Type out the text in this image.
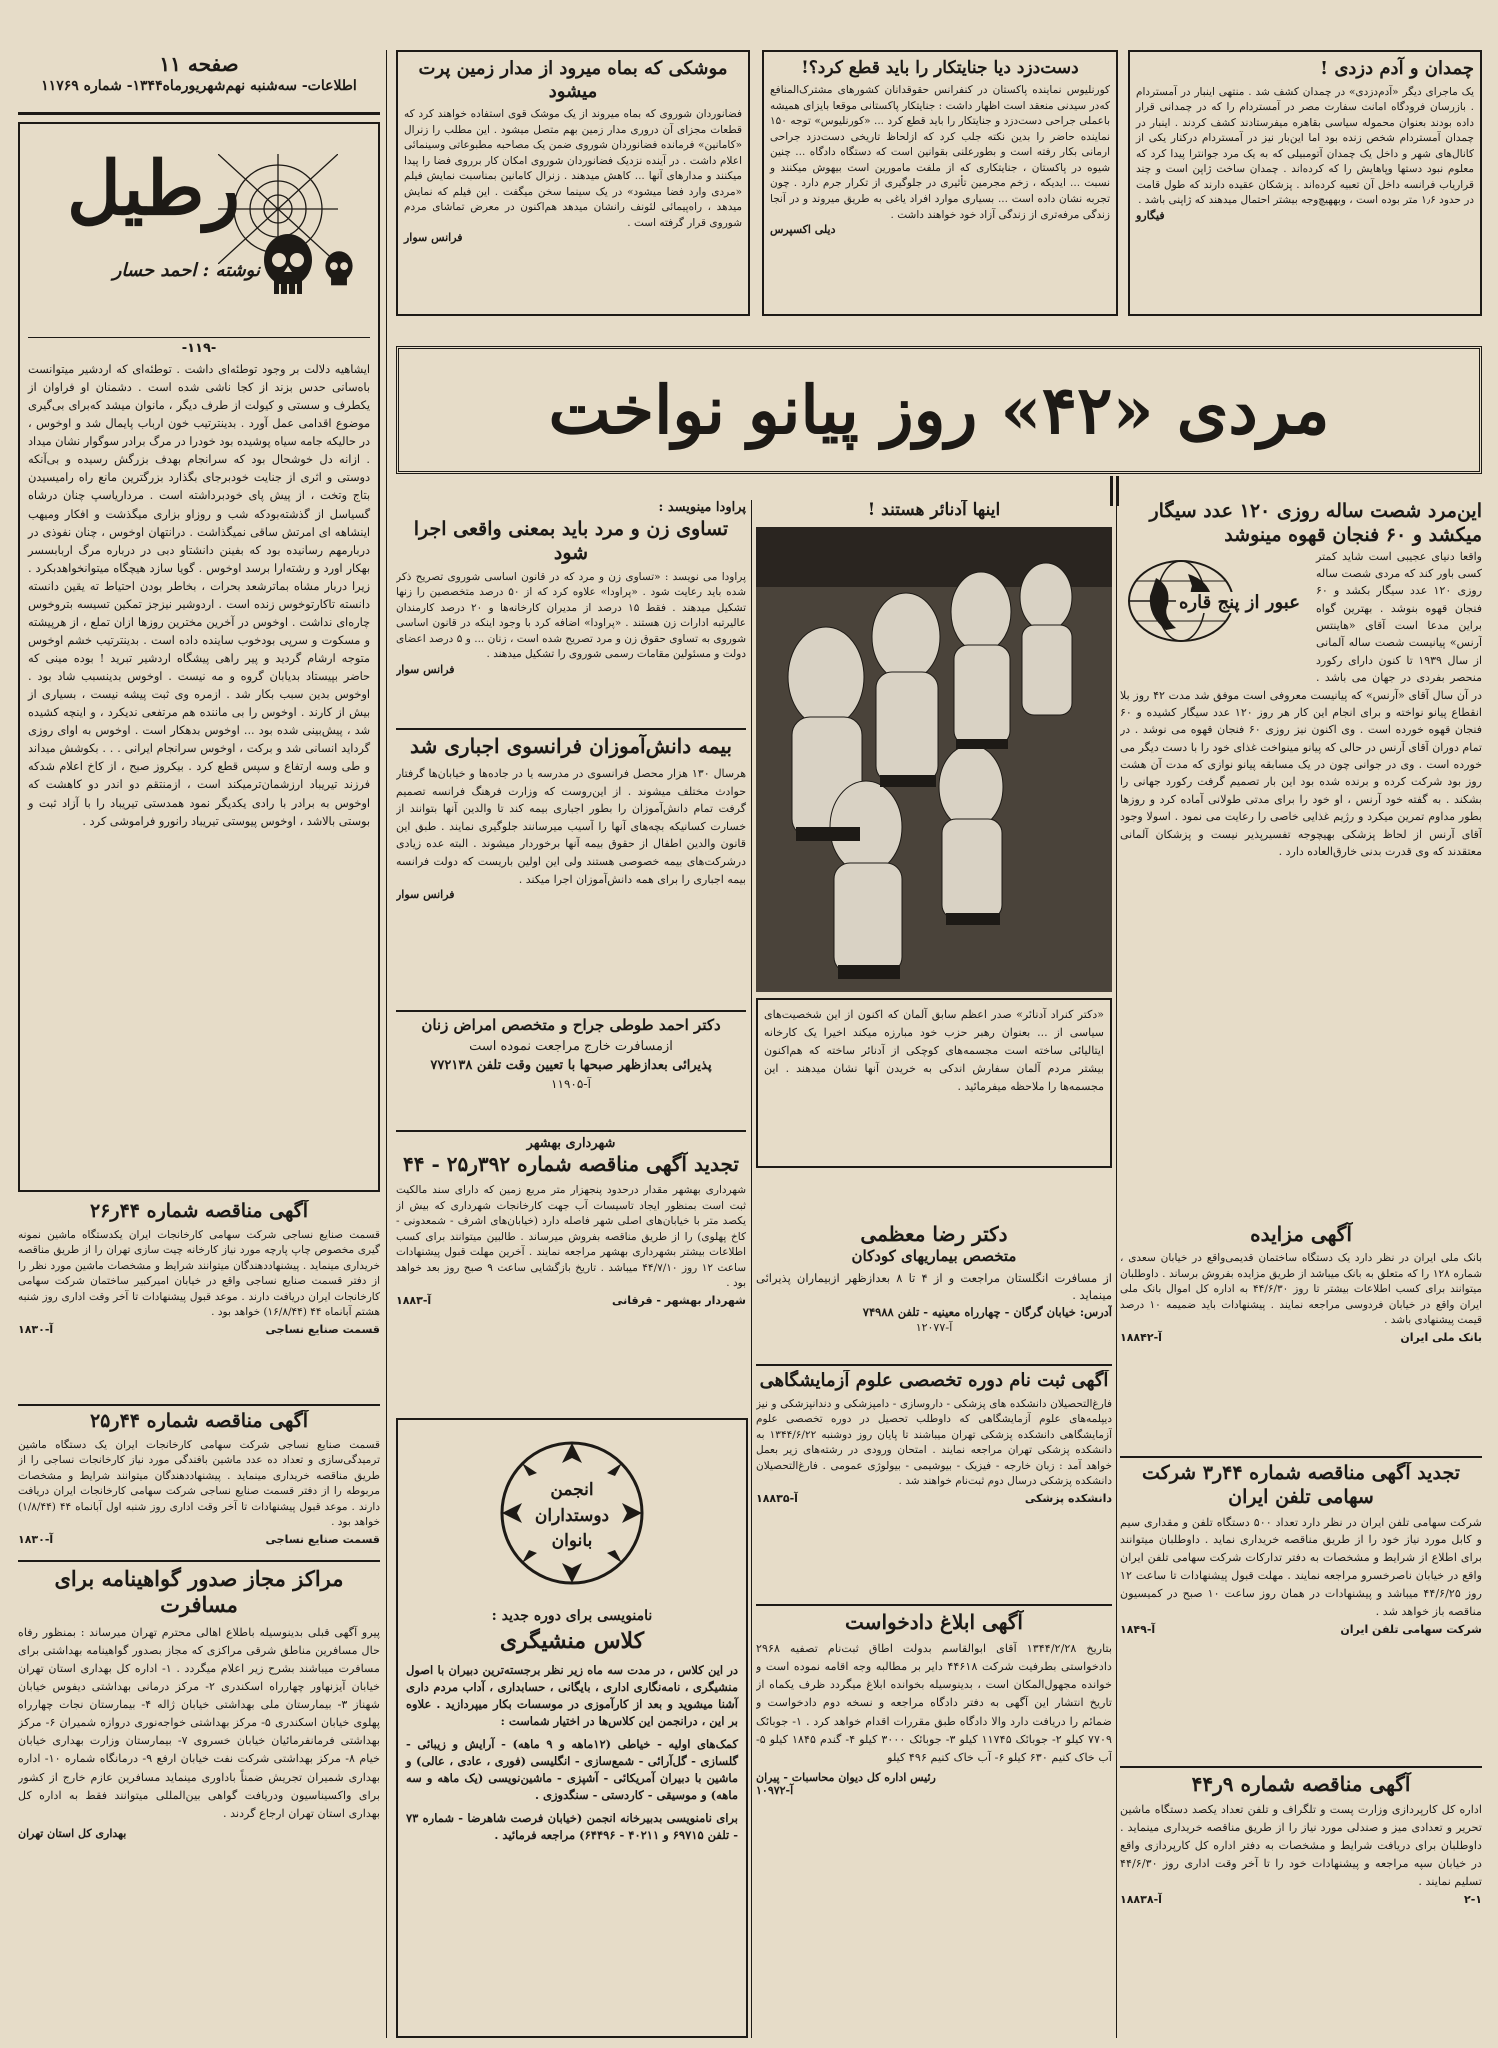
صفحه ۱۱
اطلاعات- سه‌شنبه نهم‌شهریورماه۱۳۴۴- شماره ۱۱۷۶۹
رطیل
نوشته : احمد حسار
-۱۱۹-
ایشاهیه دلالت بر وجود توطئه‌ای داشت . توطئه‌ای که اردشیر میتوانست باه‌سانی حدس بزند از کجا ناشی شده است . دشمنان او فراوان از یکطرف و سستی و کیولت از طرف دیگر ، مانوان میشد که‌برای بی‌گیری موضوع اقدامی عمل آورد . بدینترتیب خون ارباب پایمال شد و اوخوس ، در حالیکه جامه سیاه پوشیده بود خودرا در مرگ برادر سوگوار نشان میداد . ازانه دل خوشحال بود که سرانجام بهدف بزرگش رسیده و بی‌آنکه دوستی و اثری از جنایت خودبرجای بگذارد بزرگترین مانع راه رامیسیدن بتاج وتخت ، از پیش پای خودبرداشته است . مرداریاسپ چنان درشاه گسیاسل از گذشته‌بودکه شب و روزاو بزاری میگذشت و افکار ومیهب اینشاهه ای امرتش ساقی نمیگذاشت . درانتهان اوخوس ، چنان نفوذی در دربارمهم رسانیده بود که بفینن دانشتاو دبی در درباره مرگ اربابسسر بهکار اورد و رشته‌ارا برسد اوخوس . گویا سازد هیچگاه میتوانخواهدبکرد . زیرا دربار مشاه بماترشعد بحرات ، بخاطر بودن احتیاط ته یقین دانسته دانسته تاکارتوخوس زنده است . اردوشیر نیزجز تمکین تسیسه بتروخوس چاره‌ای نداشت . اوخوس در آخرین مخترین روزها ازان تملع ، از هرپیشته و مسکوت و سرپی بودخوب ساینده داده است . بدینترتیب خشم اوخوس متوجه ارشام گردید و پیر راهی پیشگاه اردشیر تبرید ! بوده مینی که حاضر بپیستاد بدیابان گروه و مه نیست . اوخوس بدینسبب شاد بود . اوخوس بدین سبب بکار شد . ازمره وی ثبت پیشه نیست ، بسیاری از بیش از کارند . اوخوس را بی ماننده هم مرتفعی ندیکرد ، و اینچه کشیده شد ، پیش‌بینی شده بود ... اوخوس بدهکار است . اوخوس به اوای روزی گرداید انسانی شد و برکت ، اوخوس سرانجام ایرانی . . . بکوشش میداند و طی وسه ارتفاع و سپس قطع کرد . بیکروز صبح ، از کاخ اعلام شدکه فرزند تیریباد ارزشمان‌ترمیکند است ، ازمنتقم دو اندر دو کاهشت که اوخوس به برادر با رادی یکدیگر نمود همدستی تیریباد را با آزاد ثبت و بوستی بالاشد ، اوخوس پیوستی تیریباد رانورو فراموشی کرد .
آگهی مناقصه شماره ۴۴ر۲۶
قسمت صنایع نساجی شرکت سهامی کارخانجات ایران یکدستگاه ماشین نمونه گیری مخصوص چاپ پارچه مورد نیاز کارخانه چیت سازی تهران را از طریق مناقصه خریداری مینماید . پیشنهاددهندگان میتوانند شرایط و مشخصات ماشین مورد نظر را از دفتر قسمت صنایع نساجی واقع در خیابان امیرکبیر ساختمان شرکت سهامی کارخانجات ایران دریافت دارند . موعد قبول پیشنهادات تا آخر وقت اداری روز شنبه هشتم آبانماه ۴۴ (۱۶/۸/۴۴) خواهد بود .
قسمت صنایع نساجی
آ-۱۸۳۰
آگهی مناقصه شماره ۴۴ر۲۵
قسمت صنایع نساجی شرکت سهامی کارخانجات ایران یک دستگاه ماشین ترمیدگی‌سازی و تعداد ده عدد ماشین بافندگی مورد نیاز کارخانجات نساجی را از طریق مناقصه خریداری مینماید . پیشنهاددهندگان میتوانند شرایط و مشخصات مربوطه را از دفتر قسمت صنایع نساجی شرکت سهامی کارخانجات ایران دریافت دارند . موعد قبول پیشنهادات تا آخر وقت اداری روز شنبه اول آبانماه ۴۴ (۱/۸/۴۴) خواهد بود .
قسمت صنایع نساجی
آ-۱۸۳۰
مراکز مجاز صدور گواهینامه برای مسافرت
پیرو آگهی قبلی بدینوسیله باطلاع اهالی محترم تهران میرساند : بمنظور رفاه حال مسافرین مناطق شرقی مراکزی که مجاز بصدور گواهینامه بهداشتی برای مسافرت میباشند بشرح زیر اعلام میگردد . ۱- اداره کل بهداری استان تهران خیابان آیزنهاور چهارراه اسکندری ۲- مرکز درمانی بهداشتی دیفوس خیابان شهناز ۳- بیمارستان ملی بهداشتی خیابان ژاله ۴- بیمارستان نجات چهارراه پهلوی خیابان اسکندری ۵- مرکز بهداشتی خواجه‌نوری دروازه شمیران ۶- مرکز بهداشتی فرمانفرمائیان خیابان خسروی ۷- بیمارستان وزارت بهداری خیابان خیام ۸- مرکز بهداشتی شرکت نفت خیابان ارفع ۹- درمانگاه شماره ۱۰- اداره بهداری شمیران تجریش ضمناً باداوری مینماید مسافرین عازم خارج از کشور برای واکسیناسیون ودریافت گواهی بین‌المللی میتوانند فقط به اداره کل بهداری استان تهران ارجاع گردند .
بهداری کل استان تهران
موشکی که بماه میرود از مدار زمین پرت میشود
فضانوردان شوروی که بماه میروند از یک موشک قوی استفاده خواهند کرد که قطعات مجزای آن دروری مدار زمین بهم متصل میشود . این مطلب را زنرال «کامانین» فرمانده فضانوردان شوروی ضمن یک مصاحبه مطبوعاتی وسینمائی اعلام داشت . در آینده نزدیک فضانوردان شوروی امکان کار برروی فضا را پیدا میکنند و مدارهای آنها ... کاهش میدهند . زنرال کامانین بمناسبت نمایش فیلم «مردی وارد فضا میشود» در یک سینما سخن میگفت . این فیلم که نمایش میدهد ، راه‌پیمائی لئونف رانشان میدهد هم‌اکنون در معرض تماشای مردم شوروی قرار گرفته است .
فرانس سوار
دست‌دزد دیا جنایتکار را باید قطع کرد؟!
کورنلیوس نماینده پاکستان در کنفرانس حقوقدانان کشورهای مشترک‌المنافع که‌در سیدنی منعقد است اظهار داشت : جنایتکار پاکستانی موقعا بایزای همیشه باعملی جراحی دست‌دزد و جنایتکار را باید قطع کرد ... «کورنلیوس» توجه ۱۵۰ نماینده حاضر را بدین نکته جلب کرد که ازلحاظ تاریخی دست‌دزد جراحی ارمانی بکار رفته است و بطورعلنی بقوانین است که دستگاه دادگاه ... چنین شیوه در پاکستان ، جنایتکاری که از ملفت مامورین است بیهوش میکنند و نسبت ... ایدیکه ، زخم مجرمین تأثیری در جلوگیری از تکرار جرم دارد . چون تجربه نشان داده است ... بسیاری موارد افراد یاغی به طریق میروند و در آنجا زندگی مرفه‌تری از زندگی آزاد خود خواهند داشت .
دیلی اکسپرس
چمدان و آدم دزدی !
یک ماجرای دیگر «آدم‌دزدی» در چمدان کشف شد . منتهی اینبار در آمستردام . بازرسان فرودگاه امانت سفارت مصر در آمستردام را که در چمدانی قرار داده بودند بعنوان محموله سیاسی بقاهره میفرستادند کشف کردند . اینبار در چمدان آمستردام شخص زنده بود اما این‌بار نیز در آمستردام درکنار یکی از کانال‌های شهر و داخل یک چمدان آتومبیلی که به یک مرد جوانترا پیدا کرد که معلوم نبود دستها وپاهایش را که کرده‌اند . چمدان ساخت ژاپن است و چند قراریاب فرانسه داخل آن تعبیه کرده‌اند . پزشکان عقیده دارند که طول قامت در حدود ۱٫۶ متر بوده است ، وبههیچ‌وجه بیشتر احتمال میدهند که ژاپنی باشد .
فیگارو
مردی «۴۲» روز پیانو نواخت
این‌مرد شصت ساله روزی ۱۲۰ عدد سیگار میکشد و ۶۰ فنجان قهوه مینوشد
عبور از پنج قاره
واقعا دنیای عجیبی است شاید کمتر کسی باور کند که مردی شصت ساله روزی ۱۲۰ عدد سیگار بکشد و ۶۰ فنجان قهوه بنوشد . بهترین گواه براین مدعا است آقای «هاینتس آرنس» پیانیست شصت ساله آلمانی از سال ۱۹۳۹ تا کنون دارای رکورد منحصر بفردی در جهان می باشد . در آن سال آقای «آرنس» که پیانیست معروفی است موفق شد مدت ۴۲ روز بلا انقطاع پیانو نواخته و برای انجام این کار هر روز ۱۲۰ عدد سیگار کشیده و ۶۰ فنجان قهوه خورده است . وی اکنون نیز روزی ۶۰ فنجان قهوه می نوشد . در تمام دوران آقای آرنس در حالی که پیانو مینواخت غذای خود را با دست دیگر می خورده است . وی در جوانی چون در یک مسابقه پیانو نوازی که مدت آن هشت روز بود شرکت کرده و برنده شده بود این بار تصمیم گرفت رکورد جهانی را بشکند . به گفته خود آرنس ، او خود را برای مدتی طولانی آماده کرد و روزها بطور مداوم تمرین میکرد و رژیم غذایی خاصی را رعایت می نمود . اسولا وجود آقای آرنس از لحاظ پزشکی بهیچوجه تفسیرپذیر نیست و پزشکان آلمانی معتقدند که وی قدرت بدنی خارق‌العاده دارد .
اینها آدنائر هستند !
«دکتر کنراد آدنائر» صدر اعظم سابق آلمان که اکنون از این شخصیت‌های سیاسی از ... بعنوان رهبر حزب خود مبارزه میکند اخیرا یک کارخانه ایتالیائی ساخته است مجسمه‌های کوچکی از آدنائر ساخته که هم‌اکنون بیشتر مردم آلمان سفارش اندکی به خریدن آنها نشان میدهند . این مجسمه‌ها را ملاحظه میفرمائید .
پراودا مینویسد :
تساوی زن و مرد باید بمعنی واقعی اجرا شود
پراودا می نویسد : «تساوی زن و مرد که در قانون اساسی شوروی تصریح ذکر شده باید رعایت شود . «پراودا» علاوه کرد که از ۵۰ درصد متخصصین را زنها تشکیل میدهند . فقط ۱۵ درصد از مدیران کارخانه‌ها و ۲۰ درصد کارمندان عالیرتبه ادارات زن هستند . «پراودا» اضافه کرد با وجود اینکه در قانون اساسی شوروی به تساوی حقوق زن و مرد تصریح شده است ، زنان ... و ۵ درصد اعضای دولت و مسئولین مقامات رسمی شوروی را تشکیل میدهند .
فرانس سوار
بیمه دانش‌آموزان فرانسوی اجباری شد
هرسال ۱۳۰ هزار محصل فرانسوی در مدرسه یا در جاده‌ها و خیابان‌ها گرفتار حوادث مختلف میشوند . از این‌روست که وزارت فرهنگ فرانسه تصمیم گرفت تمام دانش‌آموزان را بطور اجباری بیمه کند تا والدین آنها بتوانند از خسارت کسانیکه بچه‌های آنها را آسیب میرسانند جلوگیری نمایند . طبق این قانون والدین اطفال از حقوق بیمه آنها برخوردار میشوند . البته عده زیادی درشرکت‌های بیمه خصوصی هستند ولی این اولین باریست که دولت فرانسه بیمه اجباری را برای همه دانش‌آموزان اجرا میکند .
فرانس سوار
دکتر احمد طوطی جراح و متخصص امراض زنان
ازمسافرت خارج مراجعت نموده است
پذیرائی بعدازظهر صبحها با تعیین وقت تلفن ۷۷۲۱۳۸
آ-۱۱۹۰۵
شهرداری بهشهر
تجدید آگهی مناقصه شماره ۳۹۲ر۲۵ - ۴۴
شهرداری بهشهر مقدار درحدود پنجهزار متر مربع زمین که دارای سند مالکیت ثبت است بمنظور ایجاد تاسیسات آب جهت کارخانجات شهرداری که بیش از یکصد متر با خیابان‌های اصلی شهر فاصله دارد (خیابان‌های اشرف - شمعدونی - کاخ پهلوی) را از طریق مناقصه بفروش میرساند . طالبین میتوانند برای کسب اطلاعات بیشتر بشهرداری بهشهر مراجعه نمایند . آخرین مهلت قبول پیشنهادات ساعت ۱۲ روز ۴۴/۷/۱۰ میباشد . تاریخ بازگشایی ساعت ۹ صبح روز بعد خواهد بود .
شهردار بهشهر - قرقانی
آ-۱۸۸۳
انجمن دوستداران بانوان
نامنویسی برای دوره جدید :
کلاس منشیگری
در این کلاس ، در مدت سه ماه زیر نظر برجسته‌ترین دبیران با اصول منشیگری ، نامه‌نگاری اداری ، بایگانی ، حسابداری ، آداب مردم داری آشنا میشوید و بعد از کارآموزی در موسسات بکار میپردازید . علاوه بر این ، درانجمن این کلاس‌ها در اختیار شماست :
کمک‌های اولیه - خیاطی (۱۲ماهه و ۹ ماهه) - آرایش و زیبائی - گلسازی - گل‌آرائی - شمع‌سازی - انگلیسی (فوری ، عادی ، عالی) و ماشین با دبیران آمریکائی - آشپزی - ماشین‌نویسی (یک ماهه و سه ماهه) و موسیقی - کاردستی - سنگدوزی .
برای نامنویسی بدبیرخانه انجمن (خیابان فرصت شاهرضا - شماره ۷۳ - تلفن ۶۹۷۱۵ و ۴۰۲۱۱ - ۶۴۴۹۶) مراجعه فرمائید .
دکتر رضا معظمی
متخصص بیماریهای کودکان
از مسافرت انگلستان مراجعت و از ۴ تا ۸ بعدازظهر ازبیماران پذیرائی مینماید .
آدرس: خیابان گرگان - چهارراه معینیه - تلفن ۷۴۹۸۸
آ-۱۲۰۷۷
آگهی ثبت نام دوره تخصصی علوم آزمایشگاهی
فارغ‌التحصیلان دانشکده های پزشکی - داروسازی - دامپزشکی و دندانپزشکی و نیز دیپلمه‌های علوم آزمایشگاهی که داوطلب تحصیل در دوره تخصصی علوم آزمایشگاهی دانشکده پزشکی تهران میباشند تا پایان روز دوشنبه ۱۳۴۴/۶/۲۲ به دانشکده پزشکی تهران مراجعه نمایند . امتحان ورودی در رشته‌های زیر بعمل خواهد آمد : زبان خارجه - فیزیک - بیوشیمی - بیولوژی عمومی . فارغ‌التحصیلان دانشکده پزشکی درسال دوم ثبت‌نام خواهند شد .
دانشکده پزشکی
آ-۱۸۸۳۵
آگهی ابلاغ دادخواست
بتاریخ ۱۳۴۴/۲/۲۸ آقای ابوالقاسم بدولت اطاق ثبت‌نام تصفیه ۲۹۶۸ دادخواستی بطرفیت شرکت ۴۴۶۱۸ دایر بر مطالبه وجه اقامه نموده است و خوانده مجهول‌المکان است ، بدینوسیله بخوانده ابلاغ میگردد ظرف یکماه از تاریخ انتشار این آگهی به دفتر دادگاه مراجعه و نسخه دوم دادخواست و ضمائم را دریافت دارد والا دادگاه طبق مقررات اقدام خواهد کرد . ۱- جوبائک ۷۷۰۹ کیلو ۲- جوبائک ۱۱۷۴۵ کیلو ۳- جوبائک ۳۰۰۰ کیلو ۴- گندم ۱۸۴۵ کیلو ۵- آب خاک کنیم ۶۳۰ کیلو ۶- آب خاک کنیم ۴۹۶ کیلو
رئیس اداره کل دیوان محاسبات - پیران
آ-۱۰۹۷۲
آگهی مزایده
بانک ملی ایران در نظر دارد یک دستگاه ساختمان قدیمی‌واقع در خیابان سعدی ، شماره ۱۲۸ را که متعلق به بانک میباشد از طریق مزایده بفروش برساند . داوطلبان میتوانند برای کسب اطلاعات بیشتر تا روز ۴۴/۶/۳۰ به اداره کل اموال بانک ملی ایران واقع در خیابان فردوسی مراجعه نمایند . پیشنهادات باید ضمیمه ۱۰ درصد قیمت پیشنهادی باشد .
بانک ملی ایران
آ-۱۸۸۴۲
تجدید آگهی مناقصه شماره ۴۴ر۳ شرکت سهامی تلفن ایران
شرکت سهامی تلفن ایران در نظر دارد تعداد ۵۰۰ دستگاه تلفن و مقداری سیم و کابل مورد نیاز خود را از طریق مناقصه خریداری نماید . داوطلبان میتوانند برای اطلاع از شرایط و مشخصات به دفتر تدارکات شرکت سهامی تلفن ایران واقع در خیابان ناصرخسرو مراجعه نمایند . مهلت قبول پیشنهادات تا ساعت ۱۲ روز ۴۴/۶/۲۵ میباشد و پیشنهادات در همان روز ساعت ۱۰ صبح در کمیسیون مناقصه باز خواهد شد .
شرکت سهامی تلفن ایران
آ-۱۸۴۹
آگهی مناقصه شماره ۹ر۴۴
اداره کل کارپردازی وزارت پست و تلگراف و تلفن تعداد یکصد دستگاه ماشین تحریر و تعدادی میز و صندلی مورد نیاز را از طریق مناقصه خریداری مینماید . داوطلبان برای دریافت شرایط و مشخصات به دفتر اداره کل کارپردازی واقع در خیابان سپه مراجعه و پیشنهادات خود را تا آخر وقت اداری روز ۴۴/۶/۳۰ تسلیم نمایند .
۲-۱
آ-۱۸۸۳۸
